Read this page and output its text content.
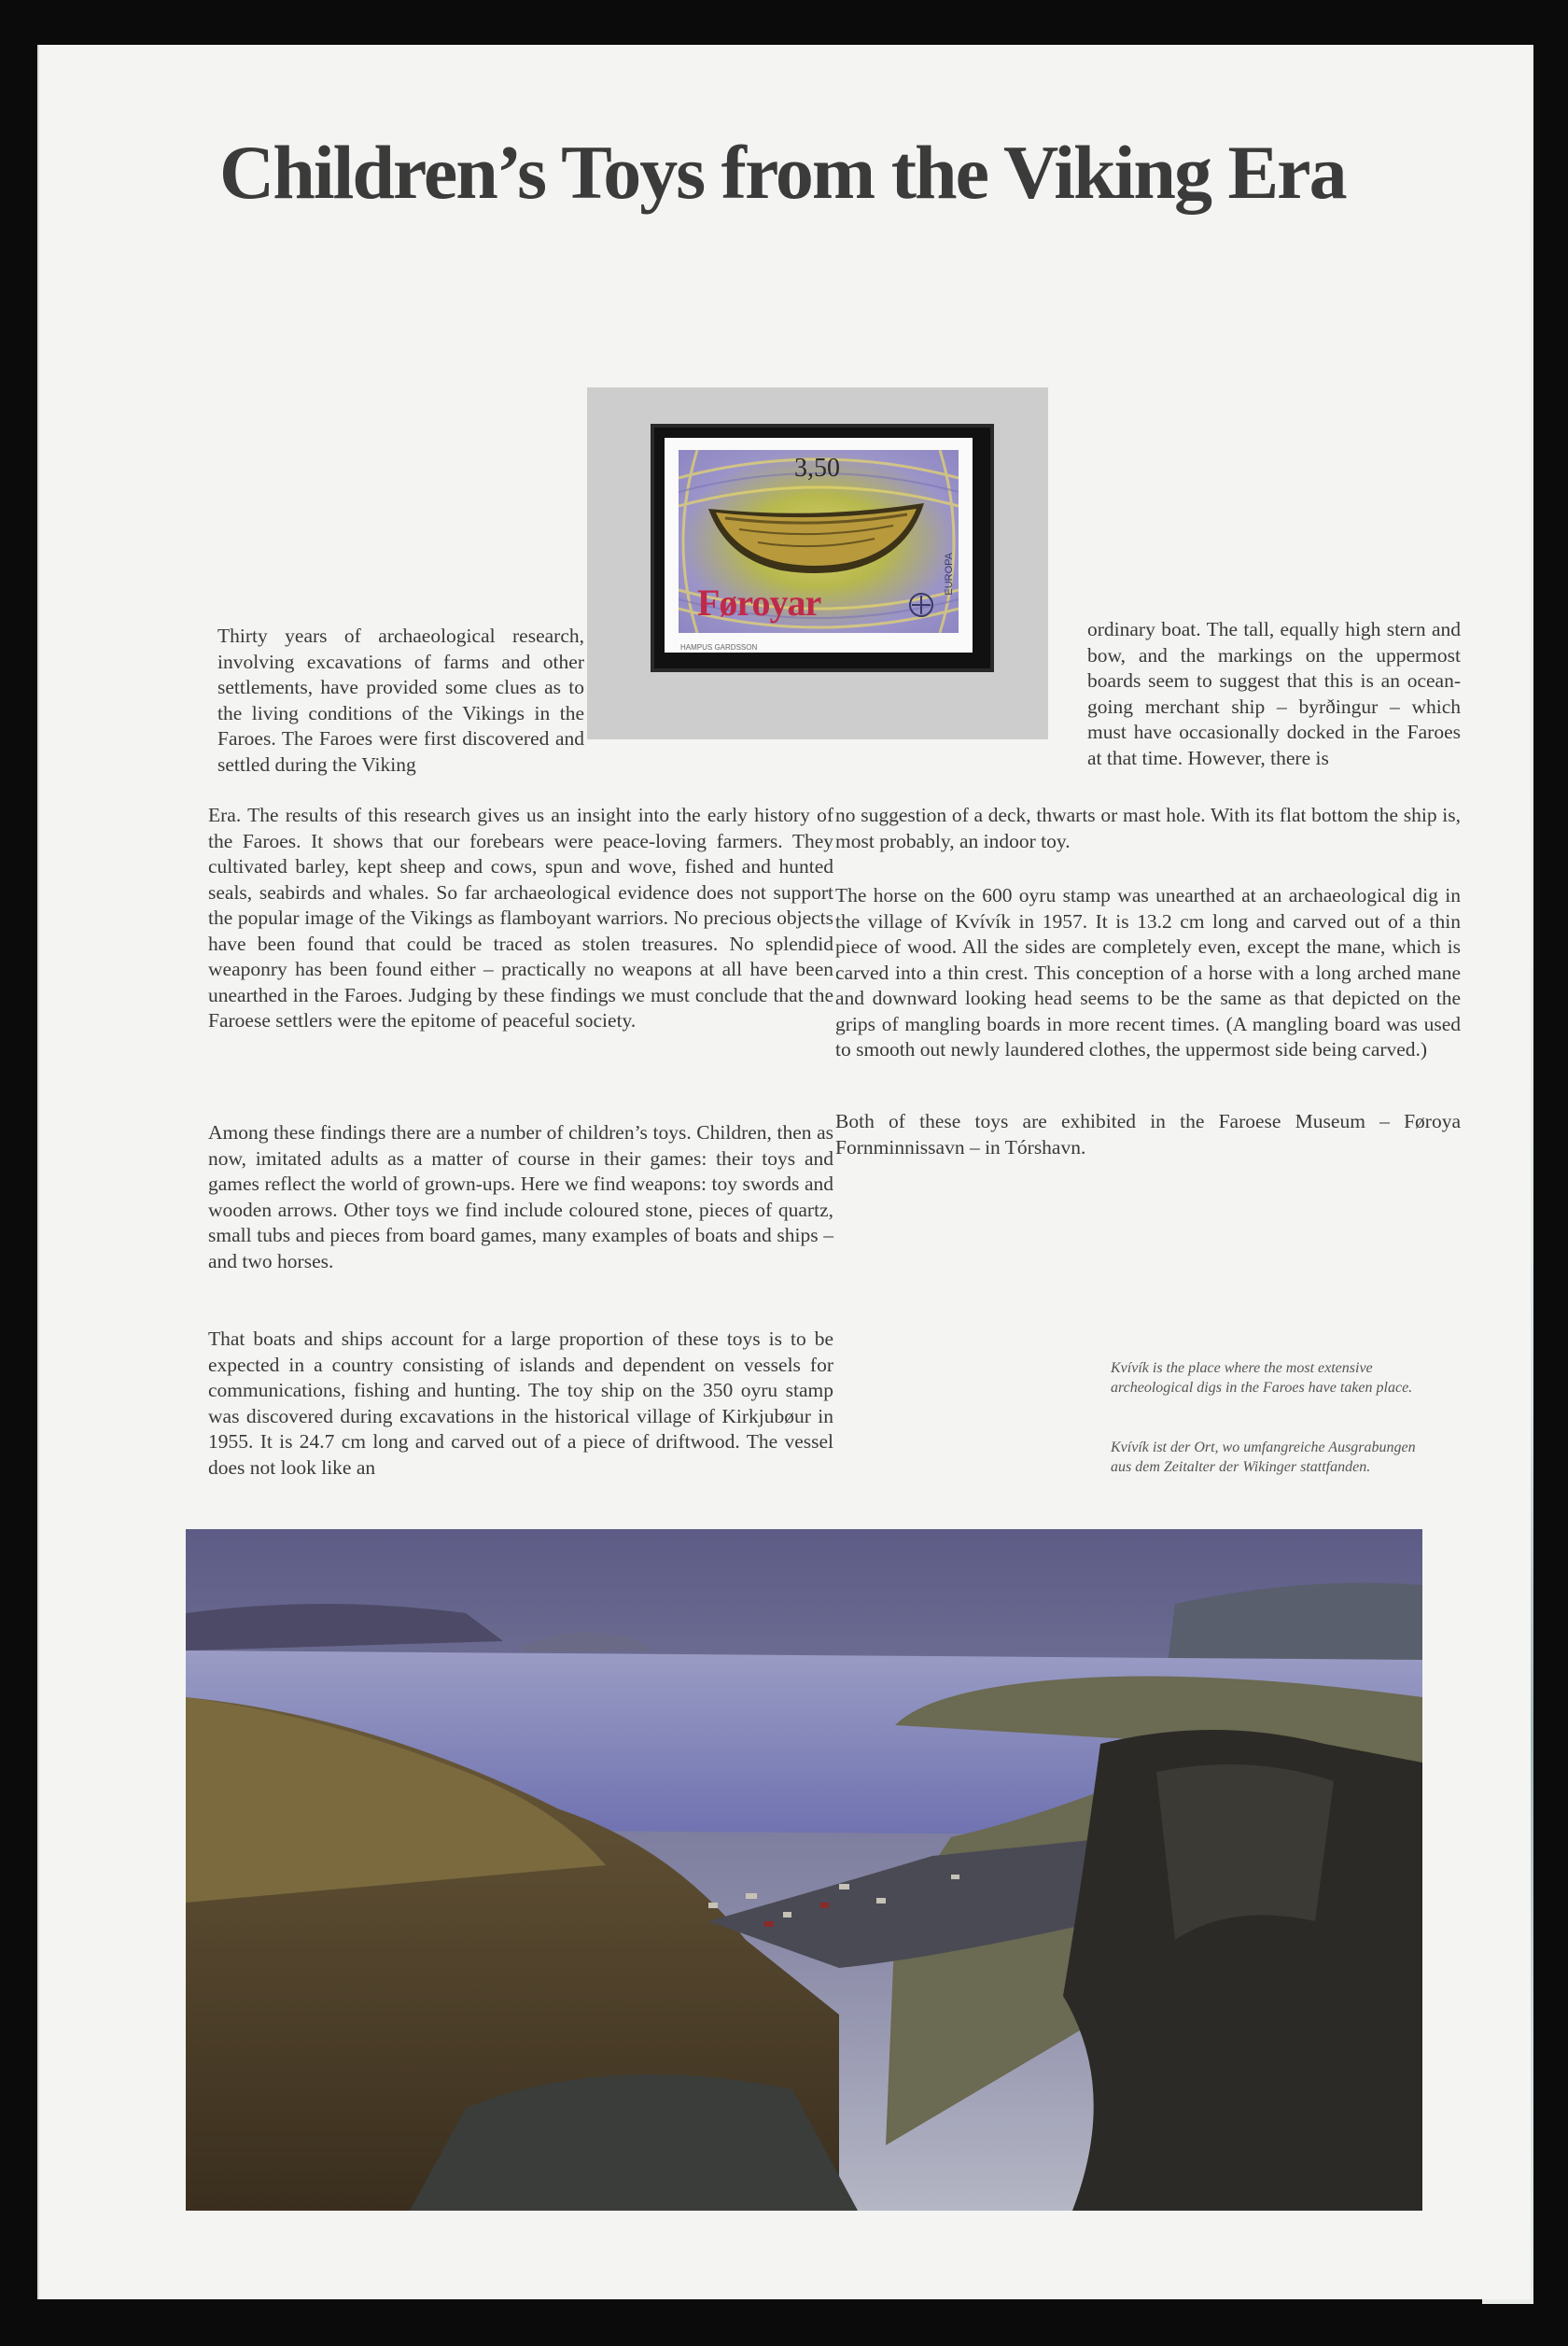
Children’s Toys from the Viking Era
3,50
Føroyar
EUROPA
HAMPUS GARDSSON

Thirty years of archaeological research, involving excavations of farms and other settlements, have provided some clues as to the living conditions of the Vikings in the Faroes. The Faroes were first discovered and settled during the Viking

Era. The results of this research gives us an insight into the early history of the Faroes. It shows that our forebears were peace-loving farmers. They cultivated barley, kept sheep and cows, spun and wove, fished and hunted seals, seabirds and whales. So far archaeological evidence does not support the popular image of the Vikings as flamboyant warriors. No precious objects have been found that could be traced as stolen treasures. No splendid weaponry has been found either – practically no weapons at all have been unearthed in the Faroes. Judging by these findings we must conclude that the Faroese settlers were the epitome of peaceful society.

Among these findings there are a number of children’s toys. Children, then as now, imitated adults as a matter of course in their games: their toys and games reflect the world of grown-ups. Here we find weapons: toy swords and wooden arrows. Other toys we find include coloured stone, pieces of quartz, small tubs and pieces from board games, many examples of boats and ships – and two horses.

That boats and ships account for a large proportion of these toys is to be expected in a country consisting of islands and dependent on vessels for communications, fishing and hunting. The toy ship on the 350 oyru stamp was discovered during excavations in the historical village of Kirkjubøur in 1955. It is 24.7 cm long and carved out of a piece of driftwood. The vessel does not look like an

ordinary boat. The tall, equally high stern and bow, and the markings on the uppermost boards seem to suggest that this is an ocean-going merchant ship – byrðingur – which must have occasionally docked in the Faroes at that time. However, there is

no suggestion of a deck, thwarts or mast hole. With its flat bottom the ship is, most probably, an indoor toy.

The horse on the 600 oyru stamp was unearthed at an archaeological dig in the village of Kvívík in 1957. It is 13.2 cm long and carved out of a thin piece of wood. All the sides are completely even, except the mane, which is carved into a thin crest. This conception of a horse with a long arched mane and downward looking head seems to be the same as that depicted on the grips of mangling boards in more recent times. (A mangling board was used to smooth out newly laundered clothes, the uppermost side being carved.)

Both of these toys are exhibited in the Faroese Museum – Føroya Fornminnissavn – in Tórshavn.

Kvívík is the place where the most extensive archeological digs in the Faroes have taken place.

Kvívík ist der Ort, wo umfangreiche Ausgrabungen aus dem Zeitalter der Wikinger stattfanden.
